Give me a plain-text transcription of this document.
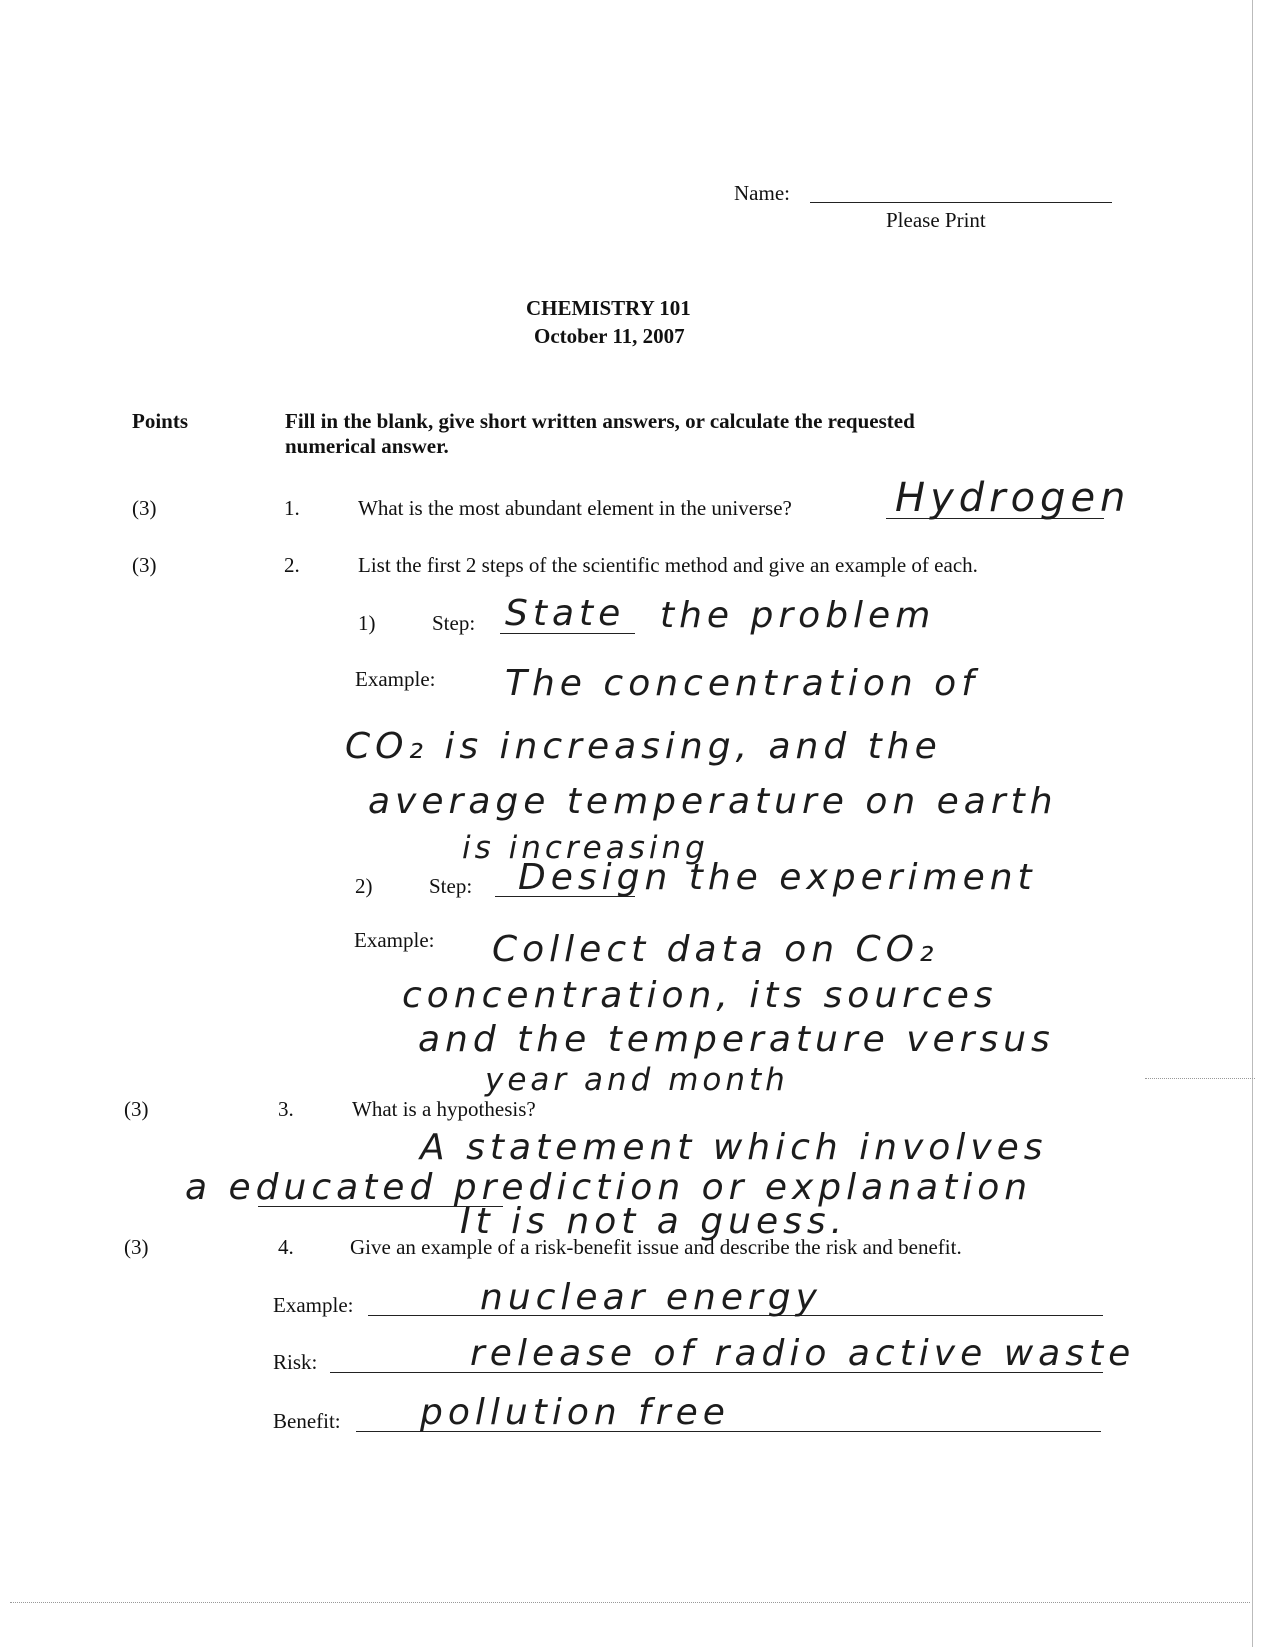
Name:
Please Print
CHEMISTRY 101
October 11, 2007
Points	Fill in the blank, give short written answers, or calculate the requested
numerical answer.
(3)	1.	What is the most abundant element in the universe?	Hydrogen
(3)	2.	List the first 2 steps of the scientific method and give an example of each.
1)	Step: State the problem
Example: The concentration of
CO₂ is increasing, and the
average temperature on earth
is increasing
2)	Step: Design the experiment
Example: Collect data on CO₂
concentration, its sources
and the temperature versus
year and month
(3)	3.	What is a hypothesis?
A statement which involves
a educated prediction or explanation
It is not a guess.
(3)	4.	Give an example of a risk-benefit issue and describe the risk and benefit.
Example:	nuclear energy
Risk:	release of radio active waste
Benefit: pollution free
